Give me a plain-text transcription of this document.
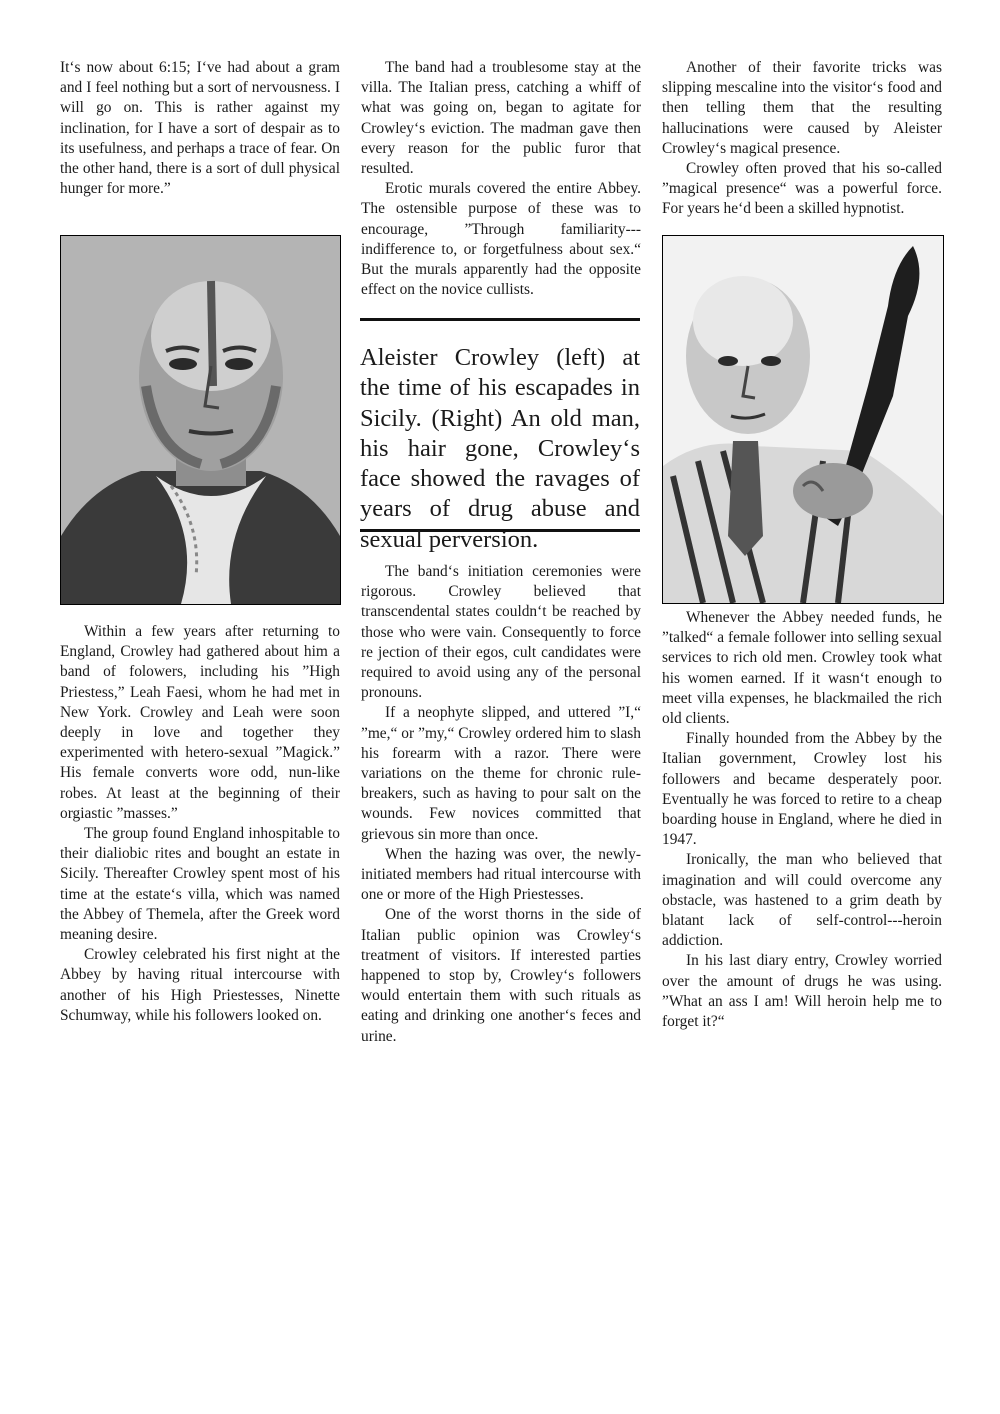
It‘s now about 6:15; I‘ve had about a gram and I feel nothing but a sort of nervousness. I will go on. This is rather against my inclination, for I have a sort of despair as to its usefulness, and perhaps a trace of fear. On the other hand, there is a sort of dull physical hunger for more.”

Within a few years after returning to England, Crowley had gathered about him a band of folowers, including his ”High Priestess,” Leah Faesi, whom he had met in New York. Crowley and Leah were soon deeply in love and together they experimented with hetero-sexual ”Magick.” His female converts wore odd, nun-like robes. At least at the beginning of their orgiastic ”masses.”

The group found England inhospitable to their dialiobic rites and bought an estate in Sicily. Thereafter Crowley spent most of his time at the estate‘s villa, which was named the Abbey of Themela, after the Greek word meaning desire.

Crowley celebrated his first night at the Abbey by having ritual intercourse with another of his High Priestesses, Ninette Schumway, while his followers looked on.

The band had a troublesome stay at the villa. The Italian press, catching a whiff of what was going on, began to agitate for Crowley‘s eviction. The madman gave then every reason for the public furor that resulted.

Erotic murals covered the entire Abbey. The ostensible purpose of these was to encourage, ”Through familiarity---indifference to, or forgetfulness about sex.“ But the murals apparently had the opposite effect on the novice cullists.

Aleister Crowley (left) at the time of his escapades in Sicily. (Right) An old man, his hair gone, Crowley‘s face showed the ravages of years of drug abuse and sexual perversion.

The band‘s initiation ceremonies were rigorous. Crowley believed that transcendental states couldn‘t be reached by those who were vain. Consequently to force re jection of their egos, cult candidates were required to avoid using any of the personal pronouns.

If a neophyte slipped, and uttered ”I,“ ”me,“ or ”my,“ Crowley ordered him to slash his forearm with a razor. There were variations on the theme for chronic rule-breakers, such as having to pour salt on the wounds. Few novices committed that grievous sin more than once.

When the hazing was over, the newly-initiated members had ritual intercourse with one or more of the High Priestesses.

One of the worst thorns in the side of Italian public opinion was Crowley‘s treatment of visitors. If interested parties happened to stop by, Crowley‘s followers would entertain them with such rituals as eating and drinking one another‘s feces and urine.

Another of their favorite tricks was slipping mescaline into the visitor‘s food and then telling them that the resulting hallucinations were caused by Aleister Crowley‘s magical presence.

Crowley often proved that his so-called ”magical presence“ was a powerful force. For years he‘d been a skilled hypnotist.

Whenever the Abbey needed funds, he ”talked“ a female follower into selling sexual services to rich old men. Crowley took what his women earned. If it wasn‘t enough to meet villa expenses, he blackmailed the rich old clients.

Finally hounded from the Abbey by the Italian government, Crowley lost his followers and became desperately poor. Eventually he was forced to retire to a cheap boarding house in England, where he died in 1947.

Ironically, the man who believed that imagination and will could overcome any obstacle, was hastened to a grim death by blatant lack of self-control---heroin addiction.

In his last diary entry, Crowley worried over the amount of drugs he was using. ”What an ass I am! Will heroin help me to forget it?“
